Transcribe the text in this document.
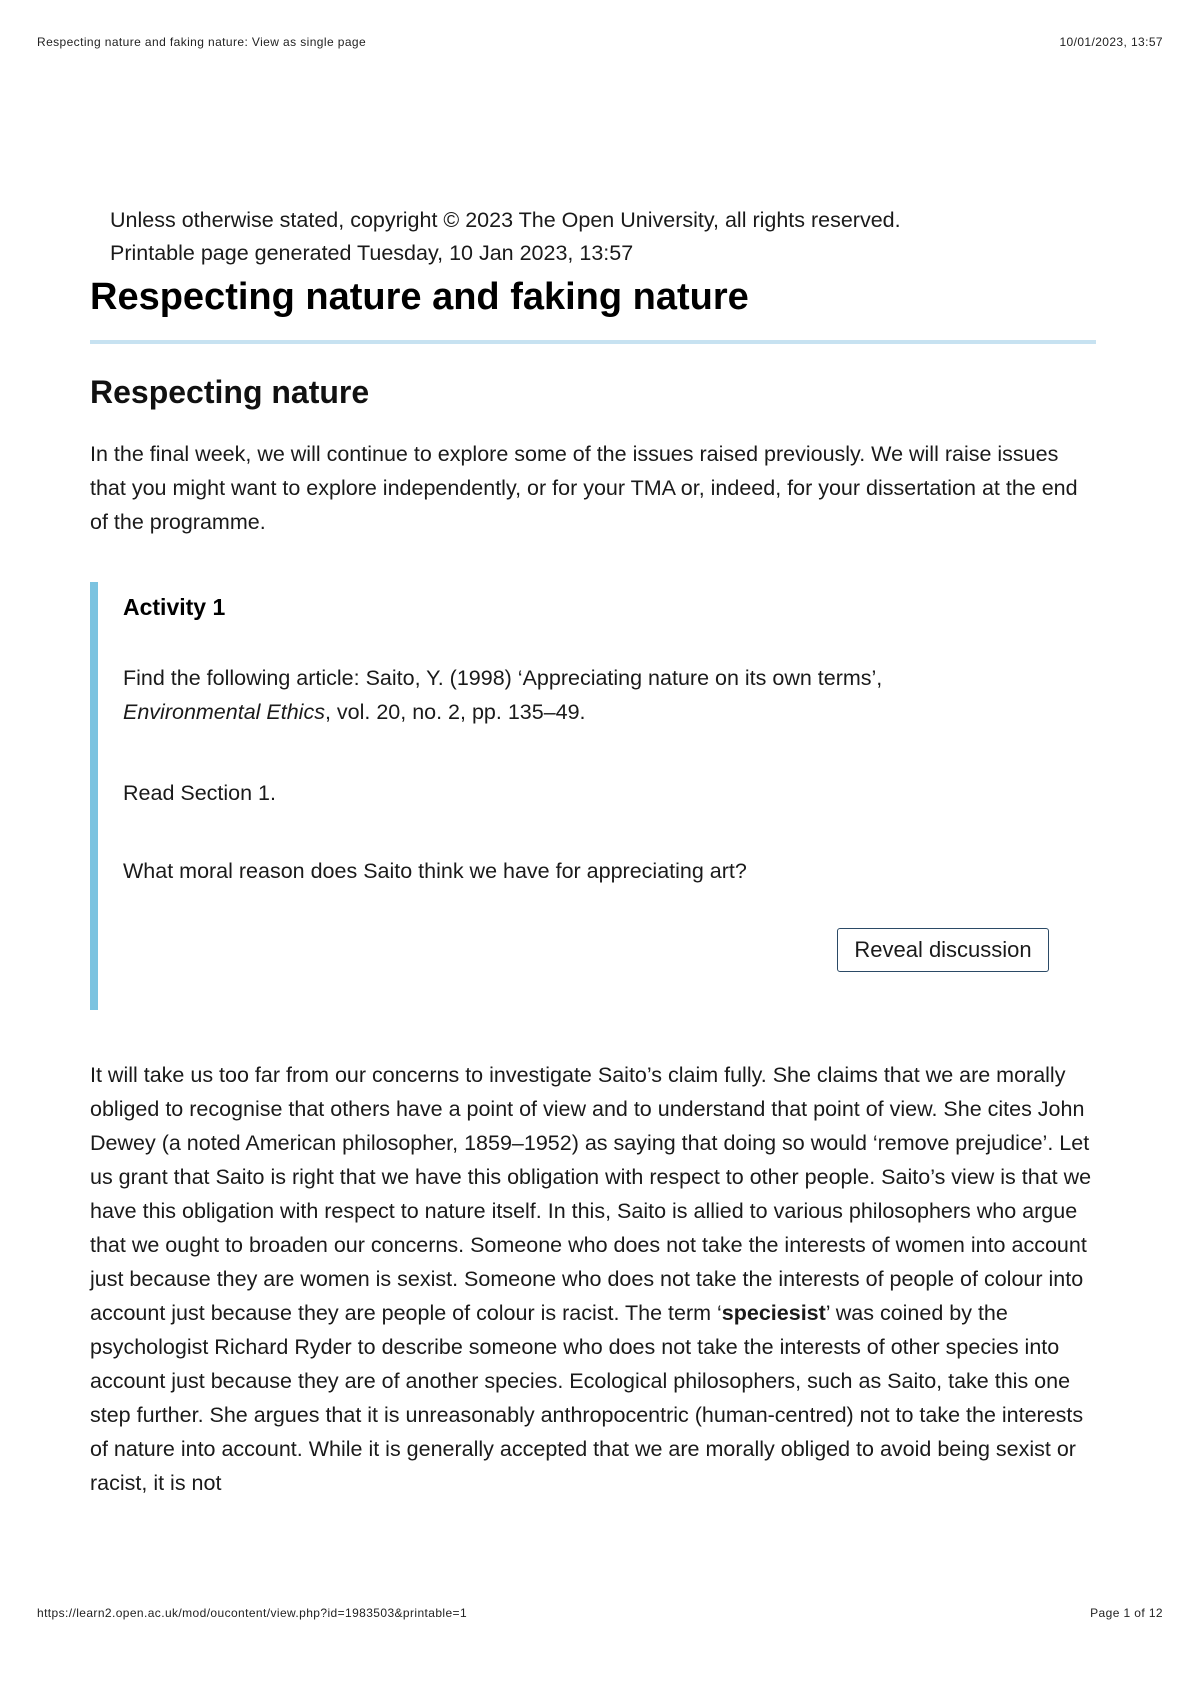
Respecting nature and faking nature: View as single page	10/01/2023, 13:57
Unless otherwise stated, copyright © 2023 The Open University, all rights reserved.
Printable page generated Tuesday, 10 Jan 2023, 13:57
Respecting nature and faking nature
Respecting nature

In the final week, we will continue to explore some of the issues raised previously. We will raise issues that you might want to explore independently, or for your TMA or, indeed, for your dissertation at the end of the programme.

Activity 1

Find the following article: Saito, Y. (1998) ‘Appreciating nature on its own terms’,
Environmental Ethics, vol. 20, no. 2, pp. 135–49.

Read Section 1.

What moral reason does Saito think we have for appreciating art?

Reveal discussion

It will take us too far from our concerns to investigate Saito’s claim fully. She claims that we are morally obliged to recognise that others have a point of view and to understand that point of view. She cites John Dewey (a noted American philosopher, 1859–1952) as saying that doing so would ‘remove prejudice’. Let us grant that Saito is right that we have this obligation with respect to other people. Saito’s view is that we have this obligation with respect to nature itself. In this, Saito is allied to various philosophers who argue that we ought to broaden our concerns. Someone who does not take the interests of women into account just because they are women is sexist. Someone who does not take the interests of people of colour into account just because they are people of colour is racist. The term ‘speciesist’ was coined by the psychologist Richard Ryder to describe someone who does not take the interests of other species into account just because they are of another species. Ecological philosophers, such as Saito, take this one step further. She argues that it is unreasonably anthropocentric (human-centred) not to take the interests of nature into account. While it is generally accepted that we are morally obliged to avoid being sexist or racist, it is not

https://learn2.open.ac.uk/mod/oucontent/view.php?id=1983503&printable=1	Page 1 of 12
